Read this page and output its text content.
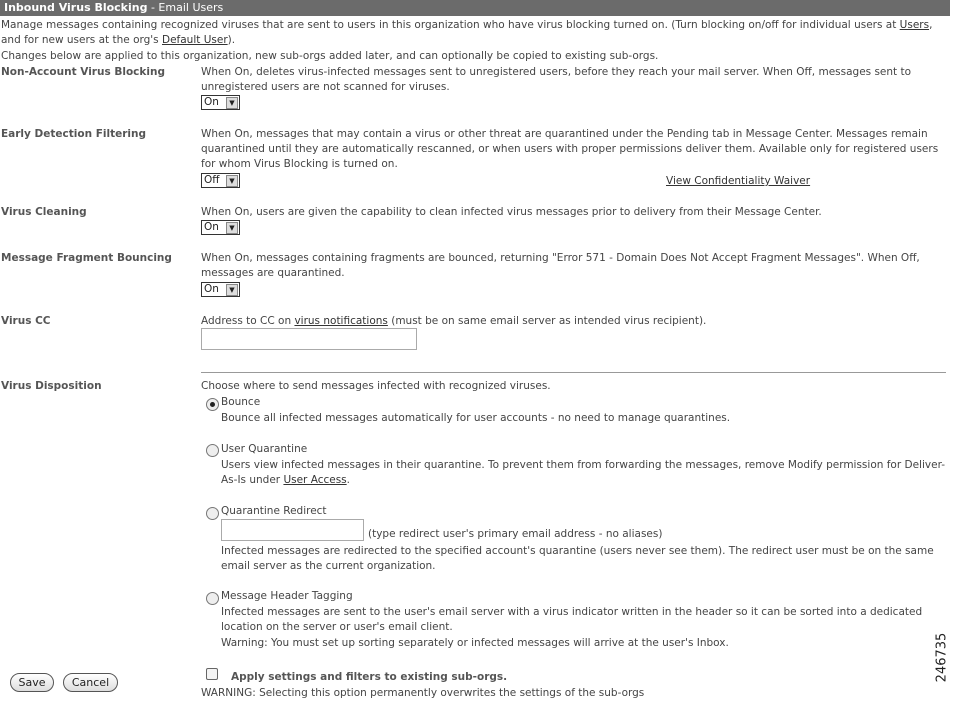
Inbound Virus Blocking - Email Users
Manage messages containing recognized viruses that are sent to users in this organization who have virus blocking turned on. (Turn blocking on/off for individual users at Users, and for new users at the org's Default User).
Changes below are applied to this organization, new sub-orgs added later, and can optionally be copied to existing sub-orgs.
Non-Account Virus Blocking	When On, deletes virus-infected messages sent to unregistered users, before they reach your mail server. When Off, messages sent to unregistered users are not scanned for viruses.
On	▼
Early Detection Filtering	When On, messages that may contain a virus or other threat are quarantined under the Pending tab in Message Center. Messages remain quarantined until they are automatically rescanned, or when users with proper permissions deliver them. Available only for registered users for whom Virus Blocking is turned on.
Off	▼	View Confidentiality Waiver
Virus Cleaning	When On, users are given the capability to clean infected virus messages prior to delivery from their Message Center.
On	▼
Message Fragment Bouncing	When On, messages containing fragments are bounced, returning "Error 571 - Domain Does Not Accept Fragment Messages". When Off, messages are quarantined.
On	▼
Virus CC	Address to CC on virus notifications (must be on same email server as intended virus recipient).
Virus Disposition	Choose where to send messages infected with recognized viruses.
Bounce
Bounce all infected messages automatically for user accounts - no need to manage quarantines.
User Quarantine
Users view infected messages in their quarantine. To prevent them from forwarding the messages, remove Modify permission for Deliver-As-Is under User Access.
Quarantine Redirect
(type redirect user's primary email address - no aliases)
Infected messages are redirected to the specified account's quarantine (users never see them). The redirect user must be on the same email server as the current organization.
Message Header Tagging
Infected messages are sent to the user's email server with a virus indicator written in the header so it can be sorted into a dedicated location on the server or user's email client.
Warning: You must set up sorting separately or infected messages will arrive at the user's Inbox.
Save	Cancel	Apply settings and filters to existing sub-orgs.
WARNING: Selecting this option permanently overwrites the settings of the sub-orgs
246735
